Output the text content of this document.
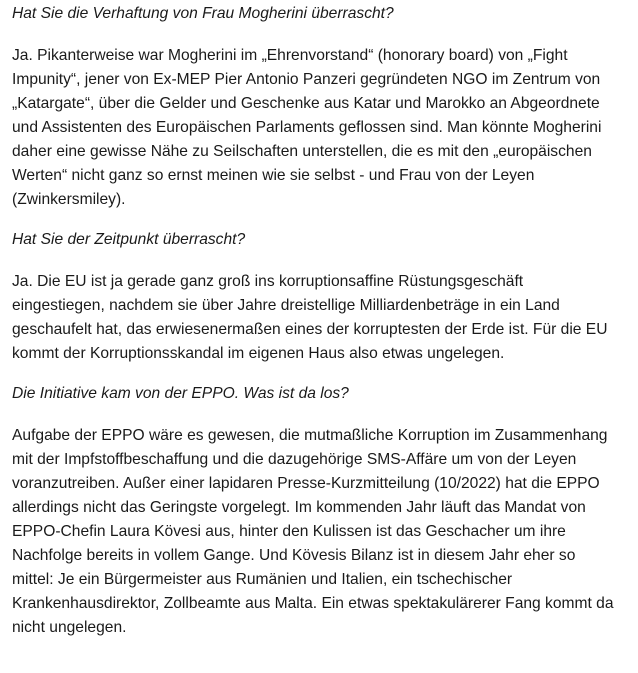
Hat Sie die Verhaftung von Frau Mogherini überrascht?

Ja. Pikanterweise war Mogherini im „Ehrenvorstand“ (honorary board) von „Fight Impunity“, jener von Ex-MEP Pier Antonio Panzeri gegründeten NGO im Zentrum von „Katargate“, über die Gelder und Geschenke aus Katar und Marokko an Abgeordnete und Assistenten des Europäischen Parlaments geflossen sind. Man könnte Mogherini daher eine gewisse Nähe zu Seilschaften unterstellen, die es mit den „europäischen Werten“ nicht ganz so ernst meinen wie sie selbst - und Frau von der Leyen (Zwinkersmiley).

Hat Sie der Zeitpunkt überrascht?

Ja. Die EU ist ja gerade ganz groß ins korruptionsaffine Rüstungsgeschäft eingestiegen, nachdem sie über Jahre dreistellige Milliardenbeträge in ein Land geschaufelt hat, das erwiesenermaßen eines der korruptesten der Erde ist. Für die EU kommt der Korruptionsskandal im eigenen Haus also etwas ungelegen.

Die Initiative kam von der EPPO. Was ist da los?

Aufgabe der EPPO wäre es gewesen, die mutmaßliche Korruption im Zusammenhang mit der Impfstoffbeschaffung und die dazugehörige SMS-Affäre um von der Leyen voranzutreiben. Außer einer lapidaren Presse-Kurzmitteilung (10/2022) hat die EPPO allerdings nicht das Geringste vorgelegt. Im kommenden Jahr läuft das Mandat von EPPO-Chefin Laura Kövesi aus, hinter den Kulissen ist das Geschacher um ihre Nachfolge bereits in vollem Gange. Und Kövesis Bilanz ist in diesem Jahr eher so mittel: Je ein Bürgermeister aus Rumänien und Italien, ein tschechischer Krankenhausdirektor, Zollbeamte aus Malta. Ein etwas spektakulärerer Fang kommt da nicht ungelegen.
